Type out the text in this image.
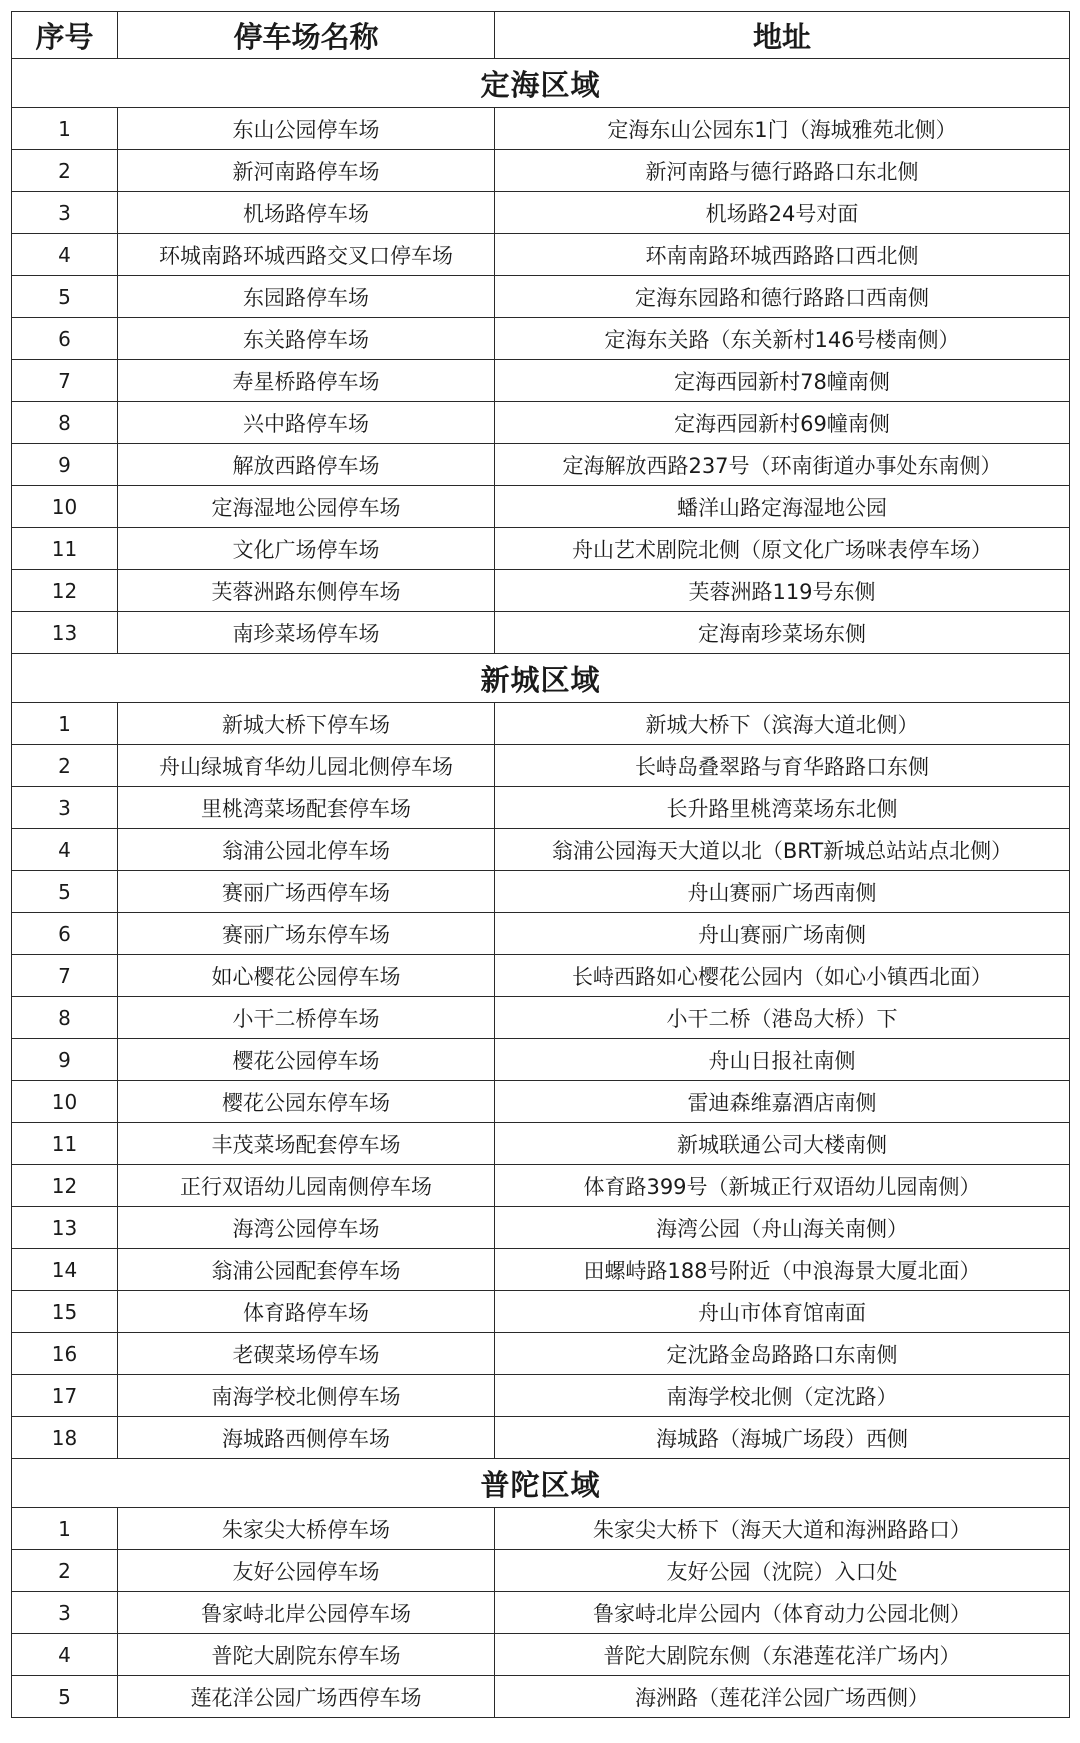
序号	停车场名称	地址
定海区域		
1	东山公园停车场	定海东山公园东1门（海城雅苑北侧）
2	新河南路停车场	新河南路与德行路路口东北侧
3	机场路停车场	机场路24号对面
4	环城南路环城西路交叉口停车场	环南南路环城西路路口西北侧
5	东园路停车场	定海东园路和德行路路口西南侧
6	东关路停车场	定海东关路（东关新村146号楼南侧）
7	寿星桥路停车场	定海西园新村78幢南侧
8	兴中路停车场	定海西园新村69幢南侧
9	解放西路停车场	定海解放西路237号（环南街道办事处东南侧）
10	定海湿地公园停车场	蟠洋山路定海湿地公园
11	文化广场停车场	舟山艺术剧院北侧（原文化广场咪表停车场）
12	芙蓉洲路东侧停车场	芙蓉洲路119号东侧
13	南珍菜场停车场	定海南珍菜场东侧
新城区域		
1	新城大桥下停车场	新城大桥下（滨海大道北侧）
2	舟山绿城育华幼儿园北侧停车场	长峙岛叠翠路与育华路路口东侧
3	里桃湾菜场配套停车场	长升路里桃湾菜场东北侧
4	翁浦公园北停车场	翁浦公园海天大道以北（BRT新城总站站点北侧）
5	赛丽广场西停车场	舟山赛丽广场西南侧
6	赛丽广场东停车场	舟山赛丽广场南侧
7	如心樱花公园停车场	长峙西路如心樱花公园内（如心小镇西北面）
8	小干二桥停车场	小干二桥（港岛大桥）下
9	樱花公园停车场	舟山日报社南侧
10	樱花公园东停车场	雷迪森维嘉酒店南侧
11	丰茂菜场配套停车场	新城联通公司大楼南侧
12	正行双语幼儿园南侧停车场	体育路399号（新城正行双语幼儿园南侧）
13	海湾公园停车场	海湾公园（舟山海关南侧）
14	翁浦公园配套停车场	田螺峙路188号附近（中浪海景大厦北面）
15	体育路停车场	舟山市体育馆南面
16	老碶菜场停车场	定沈路金岛路路口东南侧
17	南海学校北侧停车场	南海学校北侧（定沈路）
18	海城路西侧停车场	海城路（海城广场段）西侧
普陀区域		
1	朱家尖大桥停车场	朱家尖大桥下（海天大道和海洲路路口）
2	友好公园停车场	友好公园（沈院）入口处
3	鲁家峙北岸公园停车场	鲁家峙北岸公园内（体育动力公园北侧）
4	普陀大剧院东停车场	普陀大剧院东侧（东港莲花洋广场内）
5	莲花洋公园广场西停车场	海洲路（莲花洋公园广场西侧）
